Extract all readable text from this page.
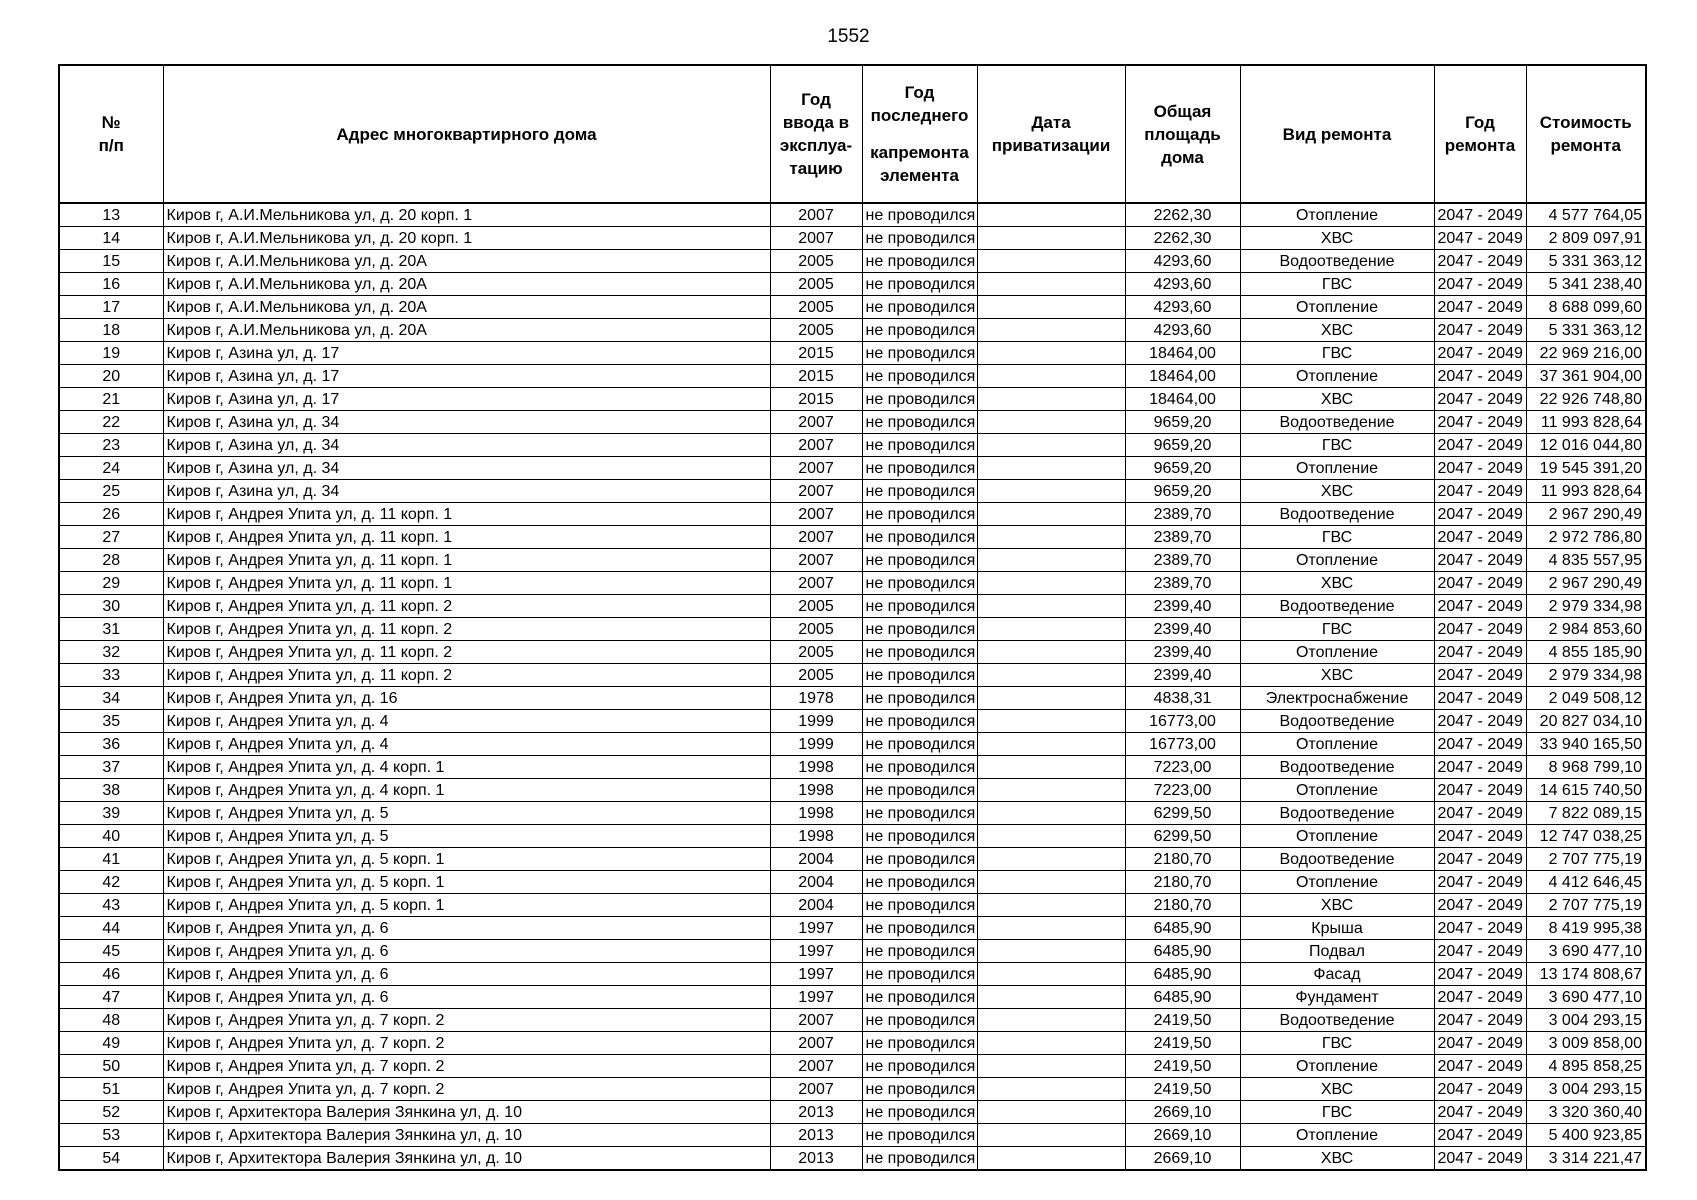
1552
№
п/п	Адрес многоквартирного дома	Год
ввода в
эксплуа-
тацию	Год
последнего
капремонта
элемента	Дата
приватизации	Общая
площадь
дома	Вид ремонта	Год
ремонта	Стоимость
ремонта
13	Киров г, А.И.Мельникова ул, д. 20 корп. 1	2007	не проводился		2262,30	Отопление	2047 - 2049	4 577 764,05
14	Киров г, А.И.Мельникова ул, д. 20 корп. 1	2007	не проводился		2262,30	ХВС	2047 - 2049	2 809 097,91
15	Киров г, А.И.Мельникова ул, д. 20А	2005	не проводился		4293,60	Водоотведение	2047 - 2049	5 331 363,12
16	Киров г, А.И.Мельникова ул, д. 20А	2005	не проводился		4293,60	ГВС	2047 - 2049	5 341 238,40
17	Киров г, А.И.Мельникова ул, д. 20А	2005	не проводился		4293,60	Отопление	2047 - 2049	8 688 099,60
18	Киров г, А.И.Мельникова ул, д. 20А	2005	не проводился		4293,60	ХВС	2047 - 2049	5 331 363,12
19	Киров г, Азина ул, д. 17	2015	не проводился		18464,00	ГВС	2047 - 2049	22 969 216,00
20	Киров г, Азина ул, д. 17	2015	не проводился		18464,00	Отопление	2047 - 2049	37 361 904,00
21	Киров г, Азина ул, д. 17	2015	не проводился		18464,00	ХВС	2047 - 2049	22 926 748,80
22	Киров г, Азина ул, д. 34	2007	не проводился		9659,20	Водоотведение	2047 - 2049	11 993 828,64
23	Киров г, Азина ул, д. 34	2007	не проводился		9659,20	ГВС	2047 - 2049	12 016 044,80
24	Киров г, Азина ул, д. 34	2007	не проводился		9659,20	Отопление	2047 - 2049	19 545 391,20
25	Киров г, Азина ул, д. 34	2007	не проводился		9659,20	ХВС	2047 - 2049	11 993 828,64
26	Киров г, Андрея Упита ул, д. 11 корп. 1	2007	не проводился		2389,70	Водоотведение	2047 - 2049	2 967 290,49
27	Киров г, Андрея Упита ул, д. 11 корп. 1	2007	не проводился		2389,70	ГВС	2047 - 2049	2 972 786,80
28	Киров г, Андрея Упита ул, д. 11 корп. 1	2007	не проводился		2389,70	Отопление	2047 - 2049	4 835 557,95
29	Киров г, Андрея Упита ул, д. 11 корп. 1	2007	не проводился		2389,70	ХВС	2047 - 2049	2 967 290,49
30	Киров г, Андрея Упита ул, д. 11 корп. 2	2005	не проводился		2399,40	Водоотведение	2047 - 2049	2 979 334,98
31	Киров г, Андрея Упита ул, д. 11 корп. 2	2005	не проводился		2399,40	ГВС	2047 - 2049	2 984 853,60
32	Киров г, Андрея Упита ул, д. 11 корп. 2	2005	не проводился		2399,40	Отопление	2047 - 2049	4 855 185,90
33	Киров г, Андрея Упита ул, д. 11 корп. 2	2005	не проводился		2399,40	ХВС	2047 - 2049	2 979 334,98
34	Киров г, Андрея Упита ул, д. 16	1978	не проводился		4838,31	Электроснабжение	2047 - 2049	2 049 508,12
35	Киров г, Андрея Упита ул, д. 4	1999	не проводился		16773,00	Водоотведение	2047 - 2049	20 827 034,10
36	Киров г, Андрея Упита ул, д. 4	1999	не проводился		16773,00	Отопление	2047 - 2049	33 940 165,50
37	Киров г, Андрея Упита ул, д. 4 корп. 1	1998	не проводился		7223,00	Водоотведение	2047 - 2049	8 968 799,10
38	Киров г, Андрея Упита ул, д. 4 корп. 1	1998	не проводился		7223,00	Отопление	2047 - 2049	14 615 740,50
39	Киров г, Андрея Упита ул, д. 5	1998	не проводился		6299,50	Водоотведение	2047 - 2049	7 822 089,15
40	Киров г, Андрея Упита ул, д. 5	1998	не проводился		6299,50	Отопление	2047 - 2049	12 747 038,25
41	Киров г, Андрея Упита ул, д. 5 корп. 1	2004	не проводился		2180,70	Водоотведение	2047 - 2049	2 707 775,19
42	Киров г, Андрея Упита ул, д. 5 корп. 1	2004	не проводился		2180,70	Отопление	2047 - 2049	4 412 646,45
43	Киров г, Андрея Упита ул, д. 5 корп. 1	2004	не проводился		2180,70	ХВС	2047 - 2049	2 707 775,19
44	Киров г, Андрея Упита ул, д. 6	1997	не проводился		6485,90	Крыша	2047 - 2049	8 419 995,38
45	Киров г, Андрея Упита ул, д. 6	1997	не проводился		6485,90	Подвал	2047 - 2049	3 690 477,10
46	Киров г, Андрея Упита ул, д. 6	1997	не проводился		6485,90	Фасад	2047 - 2049	13 174 808,67
47	Киров г, Андрея Упита ул, д. 6	1997	не проводился		6485,90	Фундамент	2047 - 2049	3 690 477,10
48	Киров г, Андрея Упита ул, д. 7 корп. 2	2007	не проводился		2419,50	Водоотведение	2047 - 2049	3 004 293,15
49	Киров г, Андрея Упита ул, д. 7 корп. 2	2007	не проводился		2419,50	ГВС	2047 - 2049	3 009 858,00
50	Киров г, Андрея Упита ул, д. 7 корп. 2	2007	не проводился		2419,50	Отопление	2047 - 2049	4 895 858,25
51	Киров г, Андрея Упита ул, д. 7 корп. 2	2007	не проводился		2419,50	ХВС	2047 - 2049	3 004 293,15
52	Киров г, Архитектора Валерия Зянкина ул, д. 10	2013	не проводился		2669,10	ГВС	2047 - 2049	3 320 360,40
53	Киров г, Архитектора Валерия Зянкина ул, д. 10	2013	не проводился		2669,10	Отопление	2047 - 2049	5 400 923,85
54	Киров г, Архитектора Валерия Зянкина ул, д. 10	2013	не проводился		2669,10	ХВС	2047 - 2049	3 314 221,47
